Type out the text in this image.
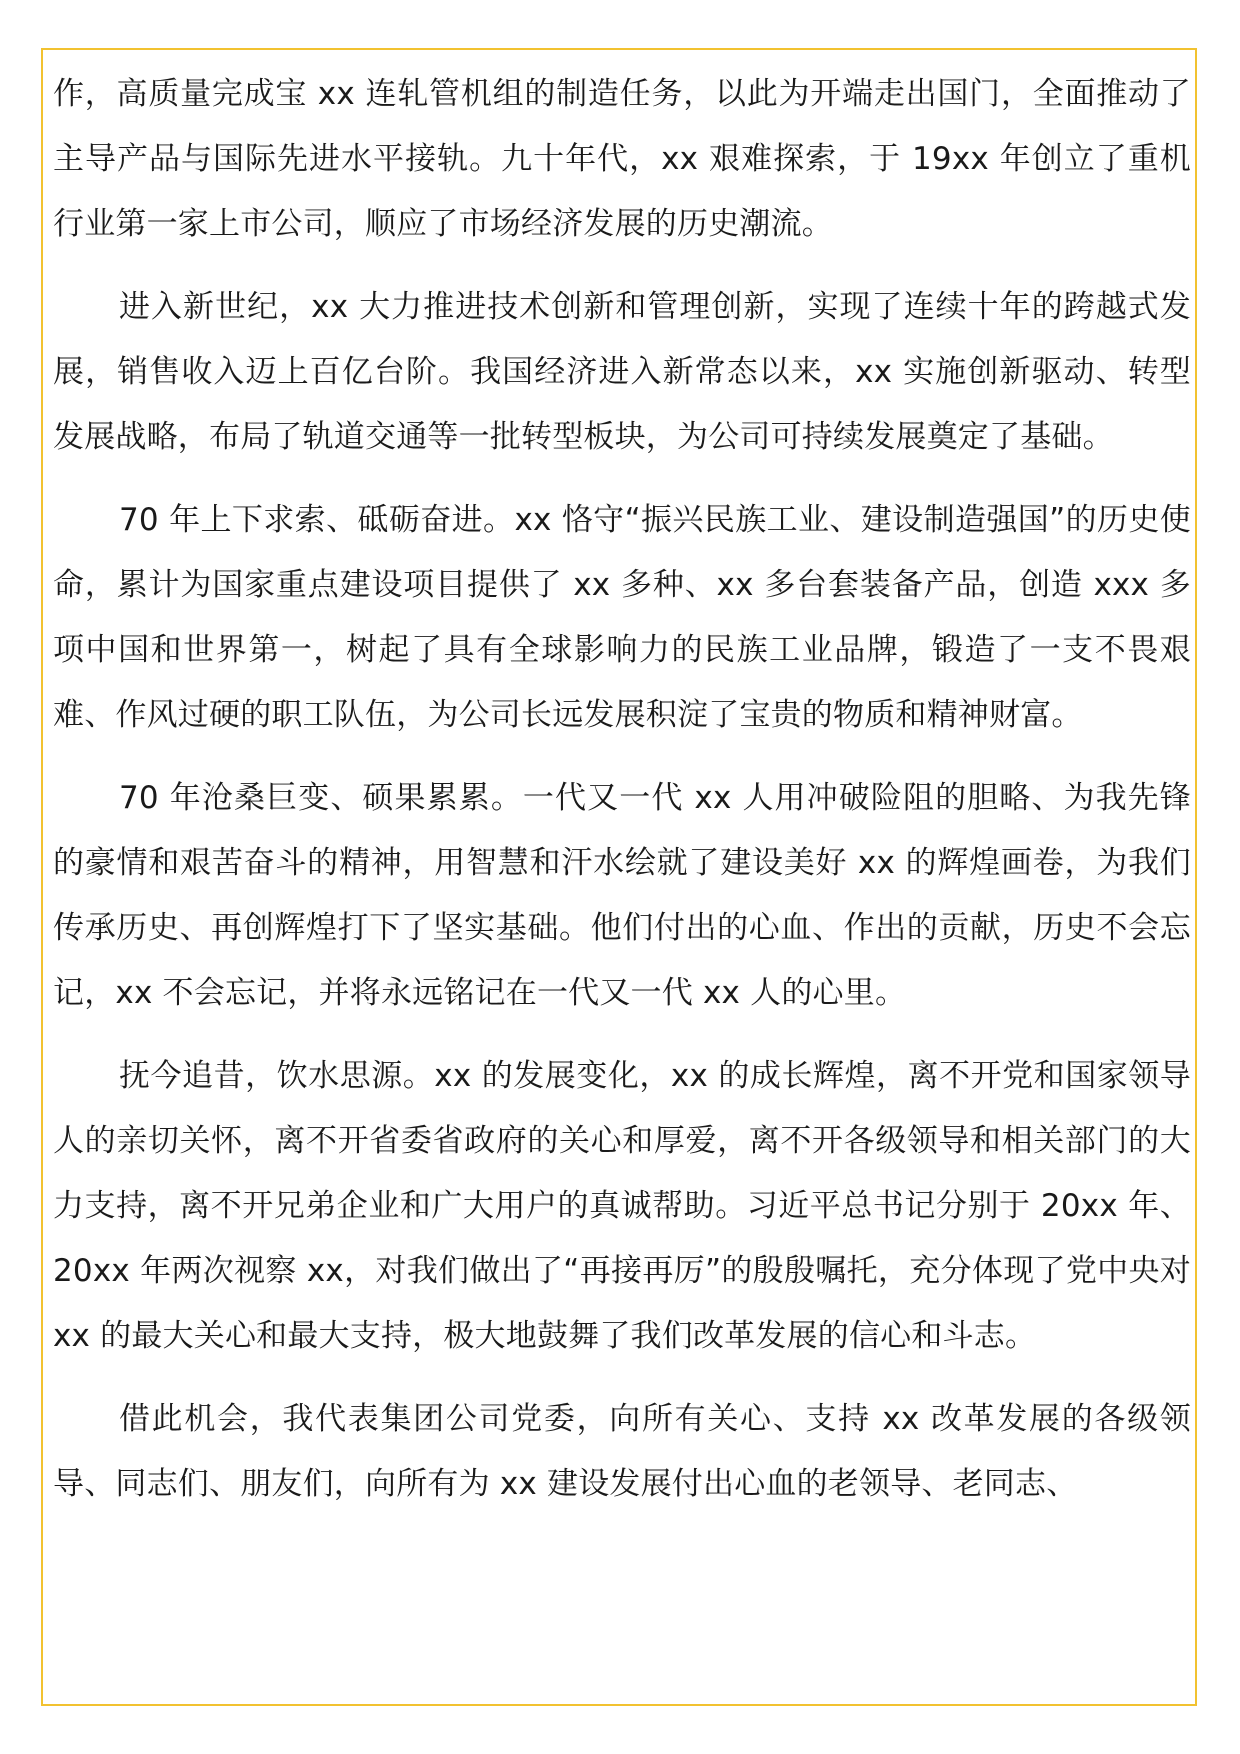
作，高质量完成宝 xx 连轧管机组的制造任务，以此为开端走出国门，全面推动了主导产品与国际先进水平接轨。九十年代，xx 艰难探索，于 19xx 年创立了重机行业第一家上市公司，顺应了市场经济发展的历史潮流。

进入新世纪，xx 大力推进技术创新和管理创新，实现了连续十年的跨越式发展，销售收入迈上百亿台阶。我国经济进入新常态以来，xx 实施创新驱动、转型发展战略，布局了轨道交通等一批转型板块，为公司可持续发展奠定了基础。

70 年上下求索、砥砺奋进。xx 恪守“振兴民族工业、建设制造强国”的历史使命，累计为国家重点建设项目提供了 xx 多种、xx 多台套装备产品，创造 xxx 多项中国和世界第一，树起了具有全球影响力的民族工业品牌，锻造了一支不畏艰难、作风过硬的职工队伍，为公司长远发展积淀了宝贵的物质和精神财富。

70 年沧桑巨变、硕果累累。一代又一代 xx 人用冲破险阻的胆略、为我先锋的豪情和艰苦奋斗的精神，用智慧和汗水绘就了建设美好 xx 的辉煌画卷，为我们传承历史、再创辉煌打下了坚实基础。他们付出的心血、作出的贡献，历史不会忘记，xx 不会忘记，并将永远铭记在一代又一代 xx 人的心里。

抚今追昔，饮水思源。xx 的发展变化，xx 的成长辉煌，离不开党和国家领导人的亲切关怀，离不开省委省政府的关心和厚爱，离不开各级领导和相关部门的大力支持，离不开兄弟企业和广大用户的真诚帮助。习近平总书记分别于 20xx 年、20xx 年两次视察 xx，对我们做出了“再接再厉”的殷殷嘱托，充分体现了党中央对 xx 的最大关心和最大支持，极大地鼓舞了我们改革发展的信心和斗志。

借此机会，我代表集团公司党委，向所有关心、支持 xx 改革发展的各级领导、同志们、朋友们，向所有为 xx 建设发展付出心血的老领导、老同志、
